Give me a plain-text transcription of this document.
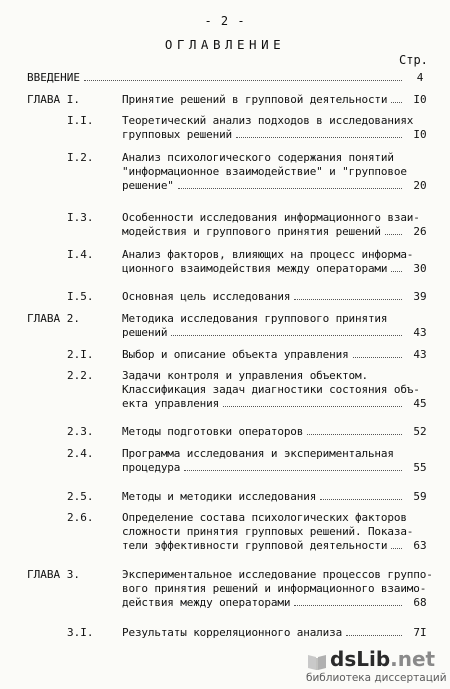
- 2 -
ОГЛАВЛЕНИЕ
Стр.
ВВЕДЕНИЕ	4
ГЛАВА I.	Принятие решений в групповой деятельности	I0
I.I.	Теоретический анализ подходов в исследованиях
групповых решений	I0
I.2.	Анализ психологического содержания понятий
"информационное взаимодействие" и "групповое
решение"	20
I.3.	Особенности исследования информационного взаи-
модействия и группового принятия решений	26
I.4.	Анализ факторов, влияющих на процесс информа-
ционного взаимодействия между операторами	30
I.5.	Основная цель исследования	39
ГЛАВА 2.	Методика исследования группового принятия
решений	43
2.I.	Выбор и описание объекта управления	43
2.2.	Задачи контроля и управления объектом.
Классификация задач диагностики состояния объ-
екта управления	45
2.3.	Методы подготовки операторов	52
2.4.	Программа исследования и экспериментальная
процедура	55
2.5.	Методы и методики исследования	59
2.6.	Определение состава психологических факторов
сложности принятия групповых решений. Показа-
тели эффективности групповой деятельности	63
ГЛАВА 3.	Экспериментальное исследование процессов группо-
вого принятия решений и информационного взаимо-
действия между операторами	68
3.I.	Результаты корреляционного анализа	7I
dsLib.net
библиотека диссертаций
